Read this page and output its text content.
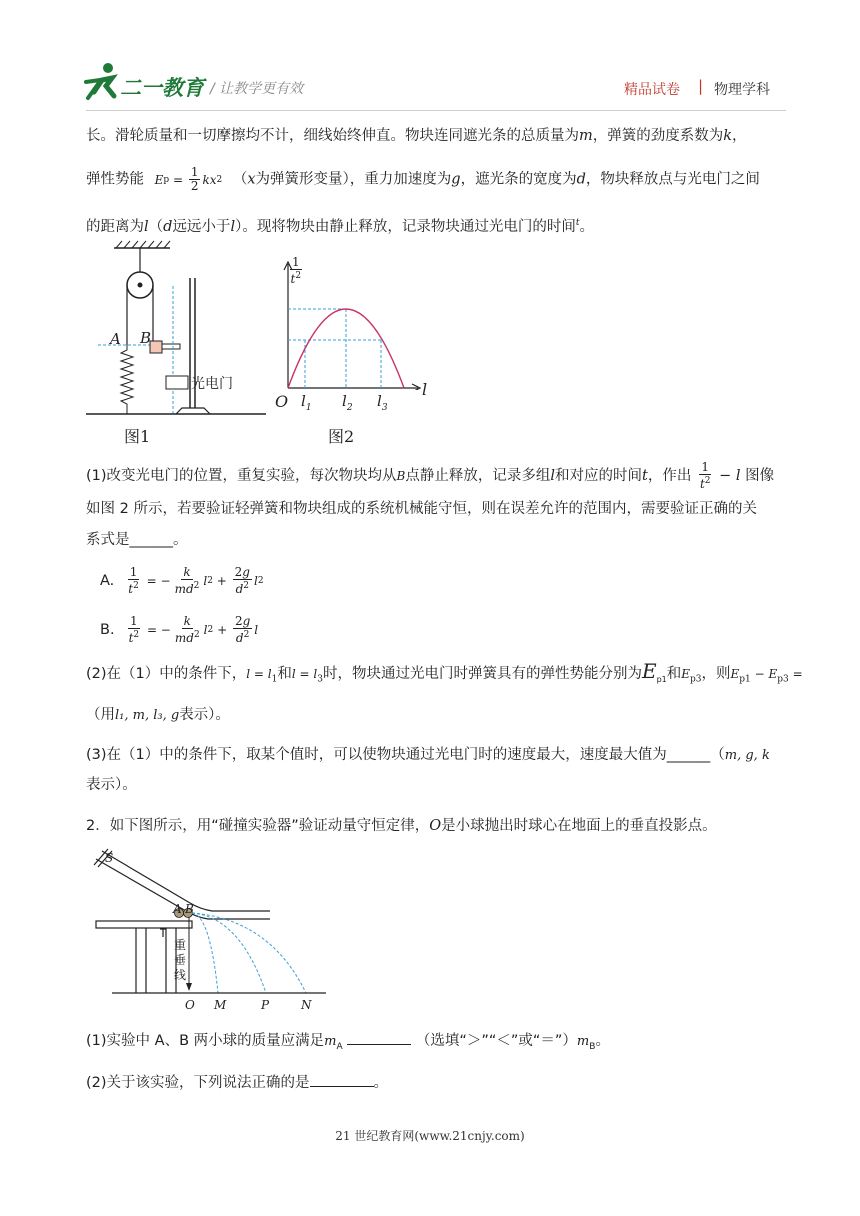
二一教育 / 让教学更有效	精品试卷 | 物理学科
长。滑轮质量和一切摩擦均不计，细线始终伸直。物块连同遮光条的总质量为m，弹簧的劲度系数为k，
弹性势能 E $p = \frac{1}{2}$ kx 2 （x为弹簧形变量），重力加速度为g，遮光条的宽度为d，物块释放点与光电门之间
的距离为l（d远远小于l）。现将物块由静止释放，记录物块通过光电门的时间$^t$。
A B
光电门
图1
1
$t^2$
O
l
$l_1$ $l_2$ $l_3$
图2
(1)改变光电门的位置，重复实验，每次物块均从B点静止释放，记录多组l和对应的时间t，作出 $\frac{1}{t^2} - l$ 图像
如图 2 所示，若要验证轻弹簧和物块组成的系统机械能守恒，则在误差允许的范围内，需要验证正确的关
系式是______。
A. $\frac{1}{t^2}$ = − $\frac{k}{md^2}$ l $2 + \frac{2g}{d^2}$ l 2
B. $\frac{1}{t^2}$ = − $\frac{k}{md^2}$ l $2 + \frac{2g}{d^2}$ l
(2)在（1）中的条件下，$l = l_1$和$l = l_3$时，物块通过光电门时弹簧具有的弹性势能分别为$E_{p1}$和$E_{p3}$，则$E_{p1} - E_{p3}$ =
（用l₁, m, l₃, g表示）。
(3)在（1）中的条件下，取某个值时，可以使物块通过光电门时的速度最大，速度最大值为______（m, g, k
表示）。
2．如下图所示，用“碰撞实验器”验证动量守恒定律，O是小球抛出时球心在地面上的垂直投影点。
S
A B
重
垂
线
O M	P	N
(1)实验中 A、B 两小球的质量应满足$m_A$	（选填“＞”“＜”或“$=”)m_B$。
(2)关于该实验，下列说法正确的是	。
21 世纪教育网(www.21cnjy.com)
